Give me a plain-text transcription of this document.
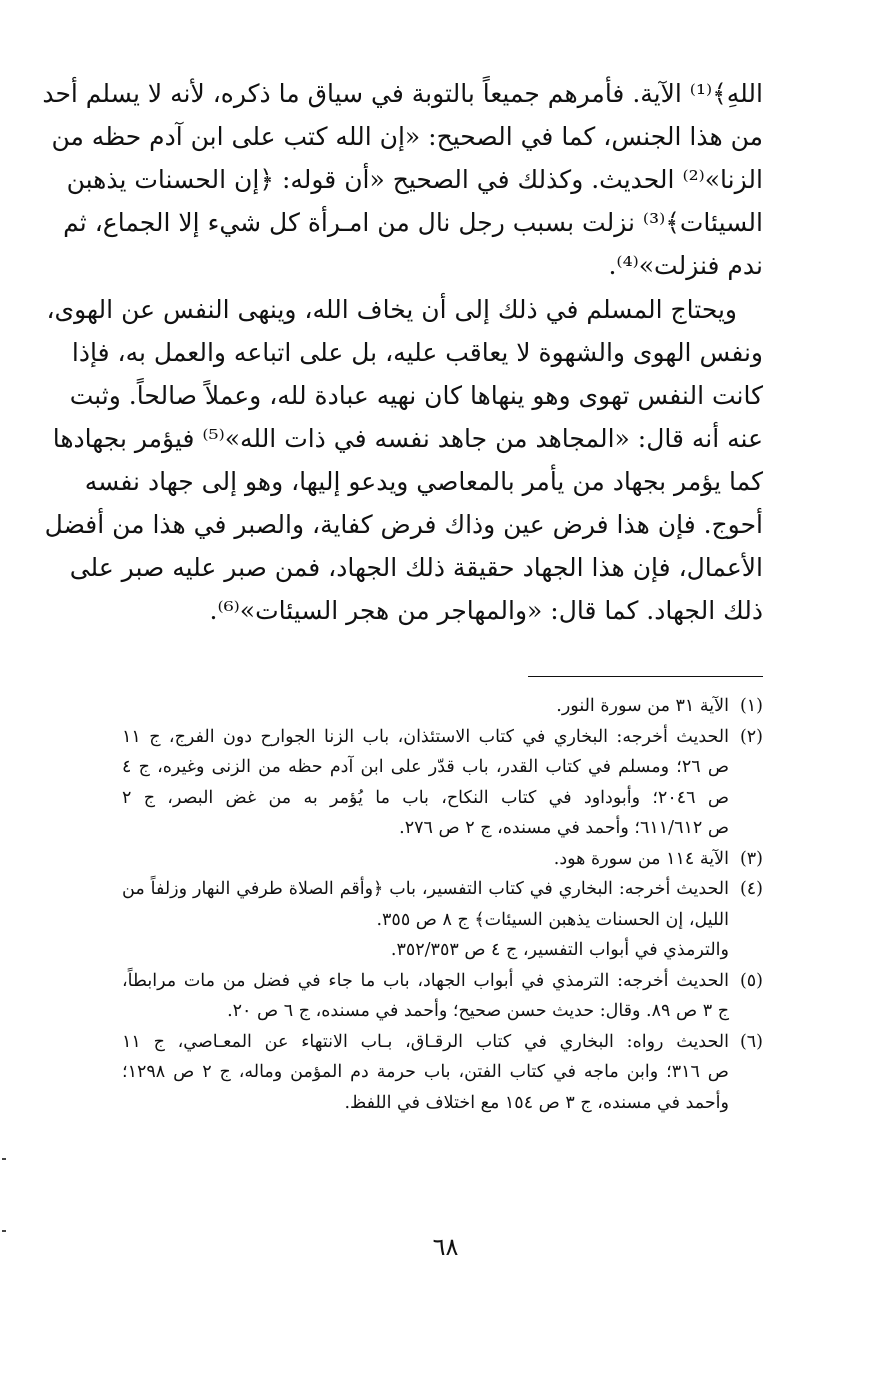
اللهِ﴾⁽¹⁾ الآية. فأمرهم جميعاً بالتوبة في سياق ما ذكره، لأنه لا يسلم أحد
من هذا الجنس، كما في الصحيح: «إن الله كتب على ابن آدم حظه من
الزنا»⁽²⁾ الحديث. وكذلك في الصحيح «أن قوله: ﴿إن الحسنات يذهبن
السيئات﴾⁽³⁾ نزلت بسبب رجل نال من امـرأة كل شيء إلا الجماع، ثم
ندم فنزلت»⁽⁴⁾.
ويحتاج المسلم في ذلك إلى أن يخاف الله، وينهى النفس عن الهوى،
ونفس الهوى والشهوة لا يعاقب عليه، بل على اتباعه والعمل به، فإذا
كانت النفس تهوى وهو ينهاها كان نهيه عبادة لله، وعملاً صالحاً. وثبت
عنه أنه قال: «المجاهد من جاهد نفسه في ذات الله»⁽⁵⁾ فيؤمر بجهادها
كما يؤمر بجهاد من يأمر بالمعاصي ويدعو إليها، وهو إلى جهاد نفسه
أحوج. فإن هذا فرض عين وذاك فرض كفاية، والصبر في هذا من أفضل
الأعمال، فإن هذا الجهاد حقيقة ذلك الجهاد، فمن صبر عليه صبر على
ذلك الجهاد. كما قال: «والمهاجر من هجر السيئات»⁽⁶⁾.
(١)
الآية ٣١ من سورة النور.
(٢)
الحديث أخرجه: البخاري في كتاب الاستئذان، باب الزنا الجوارح دون الفرج، ج ١١
ص ٢٦؛ ومسلم في كتاب القدر، باب قدّر على ابن آدم حظه من الزنى وغيره، ج ٤
ص ٢٠٤٦؛ وأبوداود في كتاب النكاح، باب ما يُؤمر به من غض البصر، ج ٢
ص ٦١١/٦١٢؛ وأحمد في مسنده، ج ٢ ص ٢٧٦.
(٣)
الآية ١١٤ من سورة هود.
(٤)
الحديث أخرجه: البخاري في كتاب التفسير، باب ﴿وأقم الصلاة طرفي النهار وزلفاً من
الليل، إن الحسنات يذهبن السيئات﴾ ج ٨ ص ٣٥٥.
والترمذي في أبواب التفسير، ج ٤ ص ٣٥٢/٣٥٣.
(٥)
الحديث أخرجه: الترمذي في أبواب الجهاد، باب ما جاء في فضل من مات مرابطاً،
ج ٣ ص ٨٩. وقال: حديث حسن صحيح؛ وأحمد في مسنده، ج ٦ ص ٢٠.
(٦)
الحديث رواه: البخاري في كتاب الرقـاق، بـاب الانتهاء عن المعـاصي، ج ١١
ص ٣١٦؛ وابن ماجه في كتاب الفتن، باب حرمة دم المؤمن وماله، ج ٢ ص ١٢٩٨؛
وأحمد في مسنده، ج ٣ ص ١٥٤ مع اختلاف في اللفظ.
٦٨
